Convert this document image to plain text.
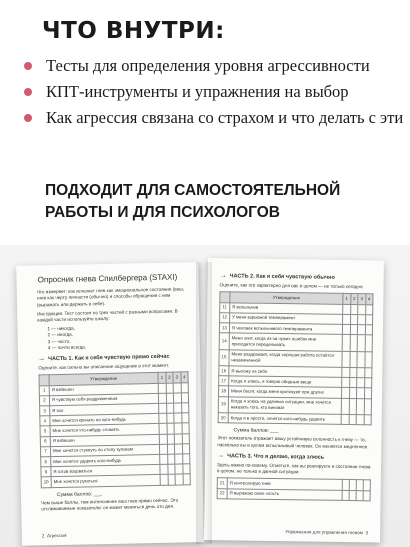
ЧТО ВНУТРИ:
Тесты для определения уровня агрессивности
КПТ-инструменты и упражнения на выбор
Как агрессия связана со страхом и что делать с эти
ПОДХОДИТ ДЛЯ САМОСТОЯТЕЛЬНОЙ РАБОТЫ И ДЛЯ ПСИХОЛОГОВ
Опросник гнева Спилбергера (STAXI)

Что измеряет: как исчезнет гнев как эмоциональное состояние (ваш, гнев как черту личности (обычно) и способы обращения с ним (выражать или держать в себе).

Инструкция. Тест состоит из трех частей с разными вопросами. В каждой части используйте шкалу:

1 — никогда,

2 — иногда,

3 — часто,

4 — почти всегда.

→ ЧАСТЬ 1. Как я себя чувствую прямо сейчас

Оцените, как сильно вы описанное ощущение в этот момент.

	Утверждение	1	2	3	4
1	Я взбешен				
2	Я чувствую себя раздраженным				
3	Я зол				
4	Мне хочется кричать на кого-нибудь				
5	Мне хочется что-нибудь сломать				
6	Я взбешен				
7	Мне хочется стукнуть по столу кулаком				
8	Мне хочется ударить кого-нибудь				
9	Я готов взорваться				
10	Мне хочется ругаться				
Сумма баллов: ___

Чем выше баллы, тем интенсивнее ваш гнев прямо сейчас. Это отслеживаемые показатели: он может меняться день ото дня.

2 Агрессия
→ ЧАСТЬ 2. Как я себя чувствую обычно

Оцените, как это характерно для вас в целом — не только сегодня.

	Утверждение	1	2	3	4
11	Я вспыльчив				
12	У меня взрывной темперамент				
13	Я человек вспыльчивого темперамента				
14	Меня злит, когда из-за чужих ошибок мне приходится переделывать				
15	Меня раздражает, когда хорошая работа остаётся незамеченной				
16	Я выхожу из себя				
17	Когда я злюсь, я говорю обидные вещи				
18	Меня бесит, когда меня критикуют при других				
19	Когда я злюсь на удачные ситуации, мне хочется наказать того, кто виноват				
20	Когда я в ярости, хочется кого-нибудь ударить				
Сумма баллов: ___

Этот показатель отражает вашу устойчивую склонность к гневу — то, насколько вы в целом вспыльчивый человек. Он меняется медленнее.

→ ЧАСТЬ 3. Что я делаю, когда злюсь

Здесь важно по-своему. Отметьте, как вы реагируете в состоянии гнева в целом, не только в данной ситуации.

21	Я контролирую гнев				
22	Я выражаю свою злость				
Упражнения для управления гневом 3
